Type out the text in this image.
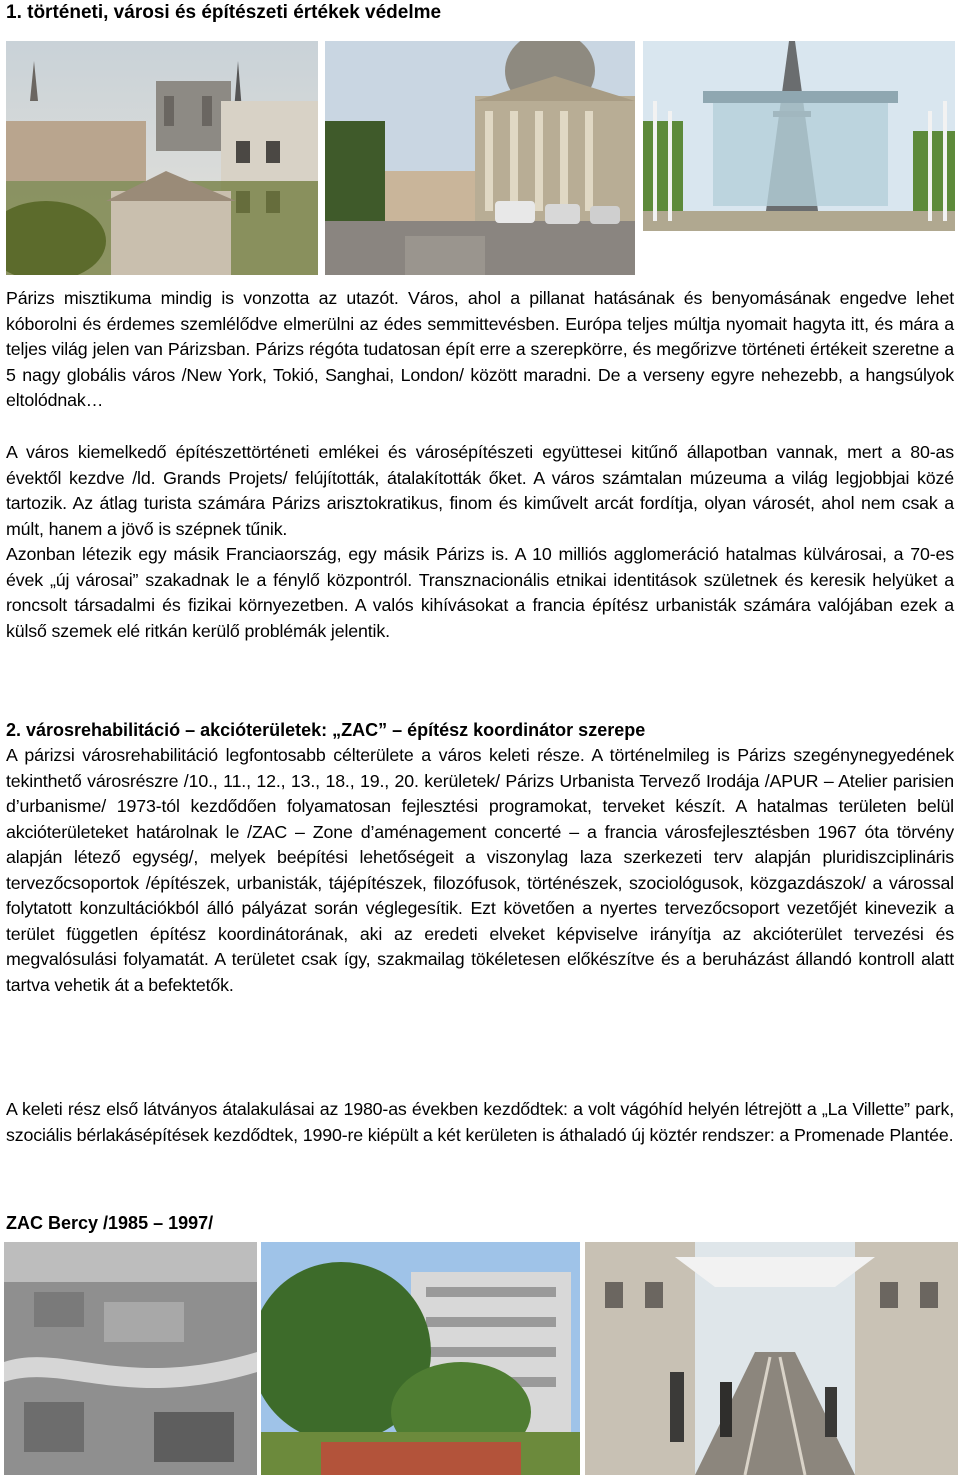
1. történeti, városi és építészeti értékek védelme

Párizs misztikuma mindig is vonzotta az utazót. Város, ahol a pillanat hatásának és benyomásának engedve lehet kóborolni és érdemes szemlélődve elmerülni az édes semmittevésben. Európa teljes múltja nyomait hagyta itt, és mára a teljes világ jelen van Párizsban. Párizs régóta tudatosan épít erre a szerepkörre, és megőrizve történeti értékeit szeretne a 5 nagy globális város /New York, Tokió, Sanghai, London/ között maradni. De a verseny egyre nehezebb, a hangsúlyok eltolódnak…

A város kiemelkedő építészettörténeti emlékei és városépítészeti együttesei kitűnő állapotban vannak, mert a 80-as évektől kezdve /ld. Grands Projets/ felújították, átalakították őket. A város számtalan múzeuma a világ legjobbjai közé tartozik. Az átlag turista számára Párizs arisztokratikus, finom és kiművelt arcát fordítja, olyan városét, ahol nem csak a múlt, hanem a jövő is szépnek tűnik.

Azonban létezik egy másik Franciaország, egy másik Párizs is. A 10 milliós agglomeráció hatalmas külvárosai, a 70-es évek „új városai” szakadnak le a fénylő központról. Transznacionális etnikai identitások születnek és keresik helyüket a roncsolt társadalmi és fizikai környezetben. A valós kihívásokat a francia építész urbanisták számára valójában ezek a külső szemek elé ritkán kerülő problémák jelentik.

2. városrehabilitáció – akcióterületek: „ZAC” – építész koordinátor szerepe

A párizsi városrehabilitáció legfontosabb célterülete a város keleti része. A történelmileg is Párizs szegénynegyedének tekinthető városrészre /10., 11., 12., 13., 18., 19., 20. kerületek/ Párizs Urbanista Tervező Irodája /APUR – Atelier parisien d’urbanisme/ 1973-tól kezdődően folyamatosan fejlesztési programokat, terveket készít. A hatalmas területen belül akcióterületeket határolnak le /ZAC – Zone d’aménagement concerté – a francia városfejlesztésben 1967 óta törvény alapján létező egység/, melyek beépítési lehetőségeit a viszonylag laza szerkezeti terv alapján pluridiszciplináris tervezőcsoportok /építészek, urbanisták, tájépítészek, filozófusok, történészek, szociológusok, közgazdászok/ a várossal folytatott konzultációkból álló pályázat során véglegesítik. Ezt követően a nyertes tervezőcsoport vezetőjét kinevezik a terület független építész koordinátorának, aki az eredeti elveket képviselve irányítja az akcióterület tervezési és megvalósulási folyamatát. A területet csak így, szakmailag tökéletesen előkészítve és a beruházást állandó kontroll alatt tartva vehetik át a befektetők.

A keleti rész első látványos átalakulásai az 1980-as években kezdődtek: a volt vágóhíd helyén létrejött a „La Villette” park, szociális bérlakásépítések kezdődtek, 1990-re kiépült a két kerületen is áthaladó új köztér rendszer: a Promenade Plantée.

ZAC Bercy /1985 – 1997/
